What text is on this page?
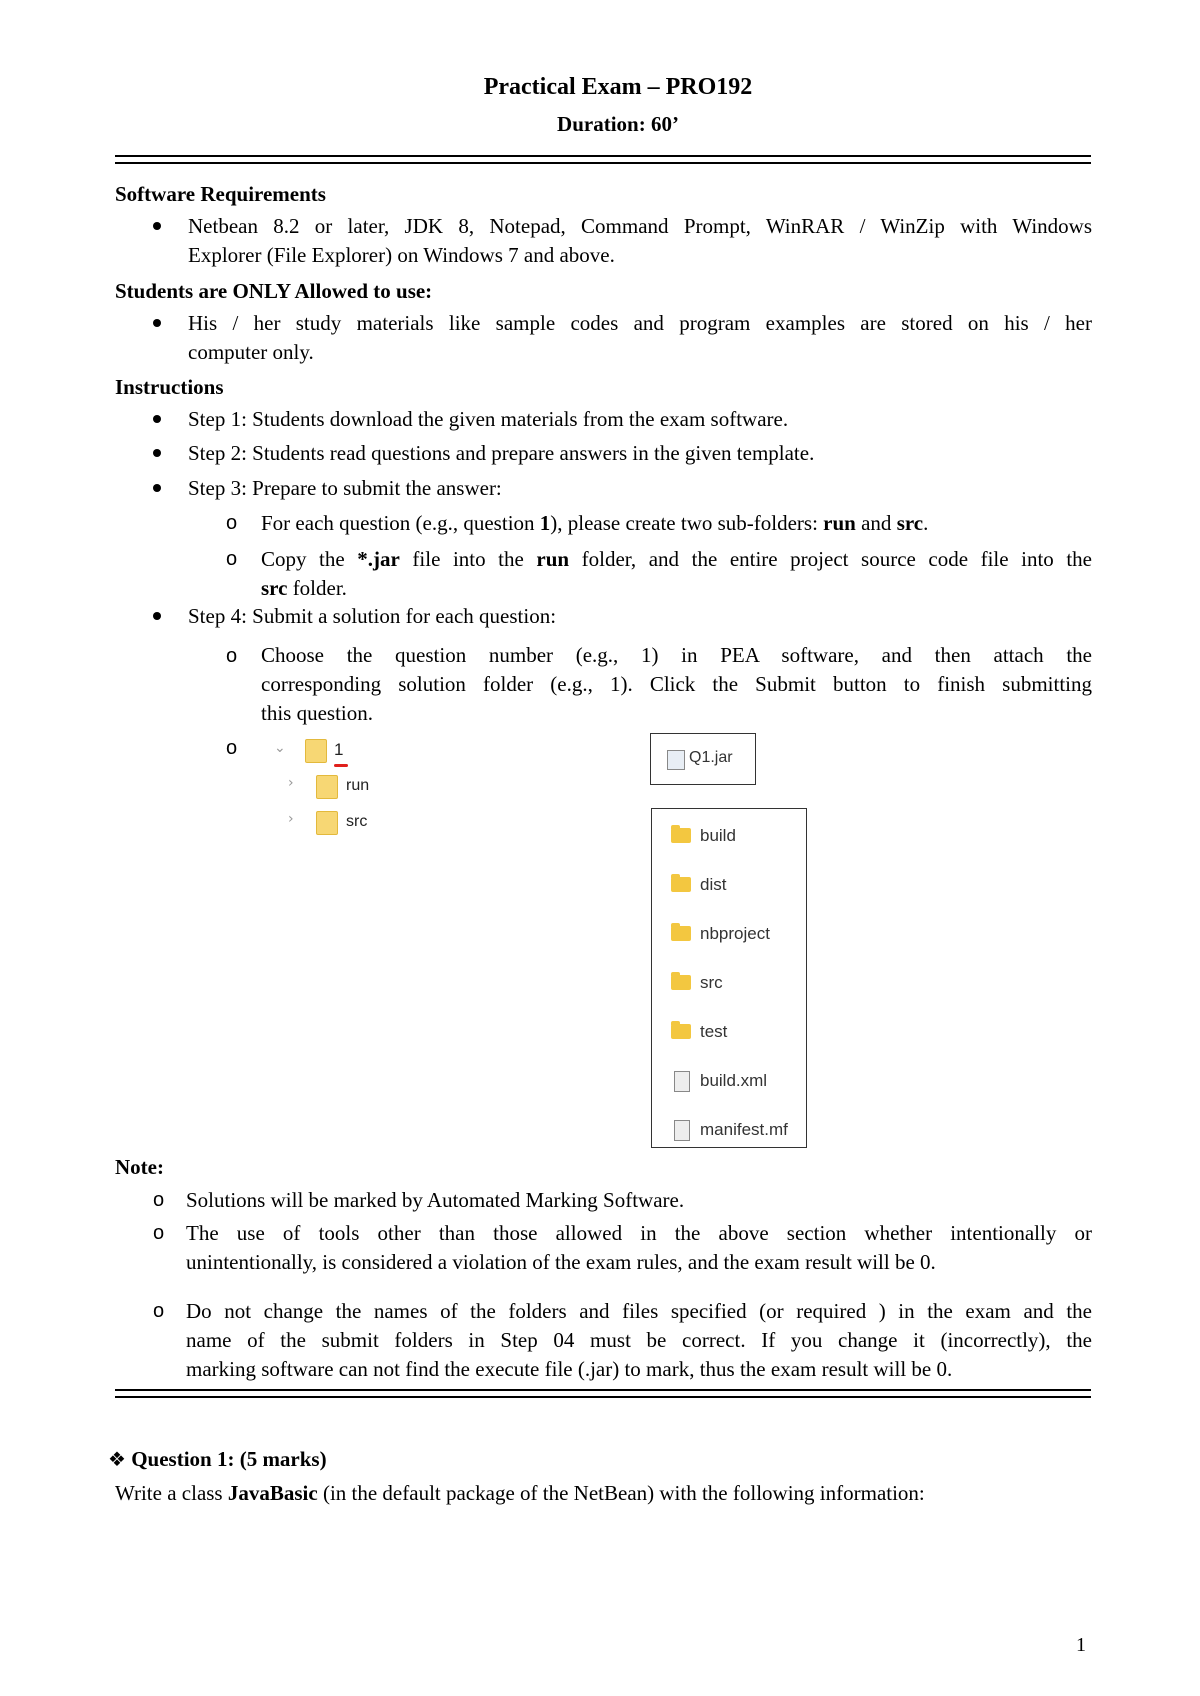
Practical Exam – PRO192
Duration: 60’
Software Requirements
Netbean 8.2 or later, JDK 8, Notepad, Command Prompt, WinRAR / WinZip with Windows
Explorer (File Explorer) on Windows 7 and above.
Students are ONLY Allowed to use:
His / her study materials like sample codes and program examples are stored on his / her
computer only.
Instructions
Step 1: Students download the given materials from the exam software.
Step 2: Students read questions and prepare answers in the given template.
Step 3: Prepare to submit the answer:
o For each question (e.g., question 1), please create two sub-folders: run and src.
o Copy the *.jar file into the run folder, and the entire project source code file into the
src folder.
Step 4: Submit a solution for each question:
o Choose the question number (e.g., 1) in PEA software, and then attach the
corresponding solution folder (e.g., 1). Click the Submit button to finish submitting
this question.
o	⌄	1
›	run
›	src
Q1.jar
build
dist
nbproject
src
test
build.xml
manifest.mf
Note:
o Solutions will be marked by Automated Marking Software.
o The use of tools other than those allowed in the above section whether intentionally or
unintentionally, is considered a violation of the exam rules, and the exam result will be 0.
o Do not change the names of the folders and files specified (or required ) in the exam and the
name of the submit folders in Step 04 must be correct. If you change it (incorrectly), the
marking software can not find the execute file (.jar) to mark, thus the exam result will be 0.
❖ Question 1: (5 marks)
Write a class JavaBasic (in the default package of the NetBean) with the following information:
1
